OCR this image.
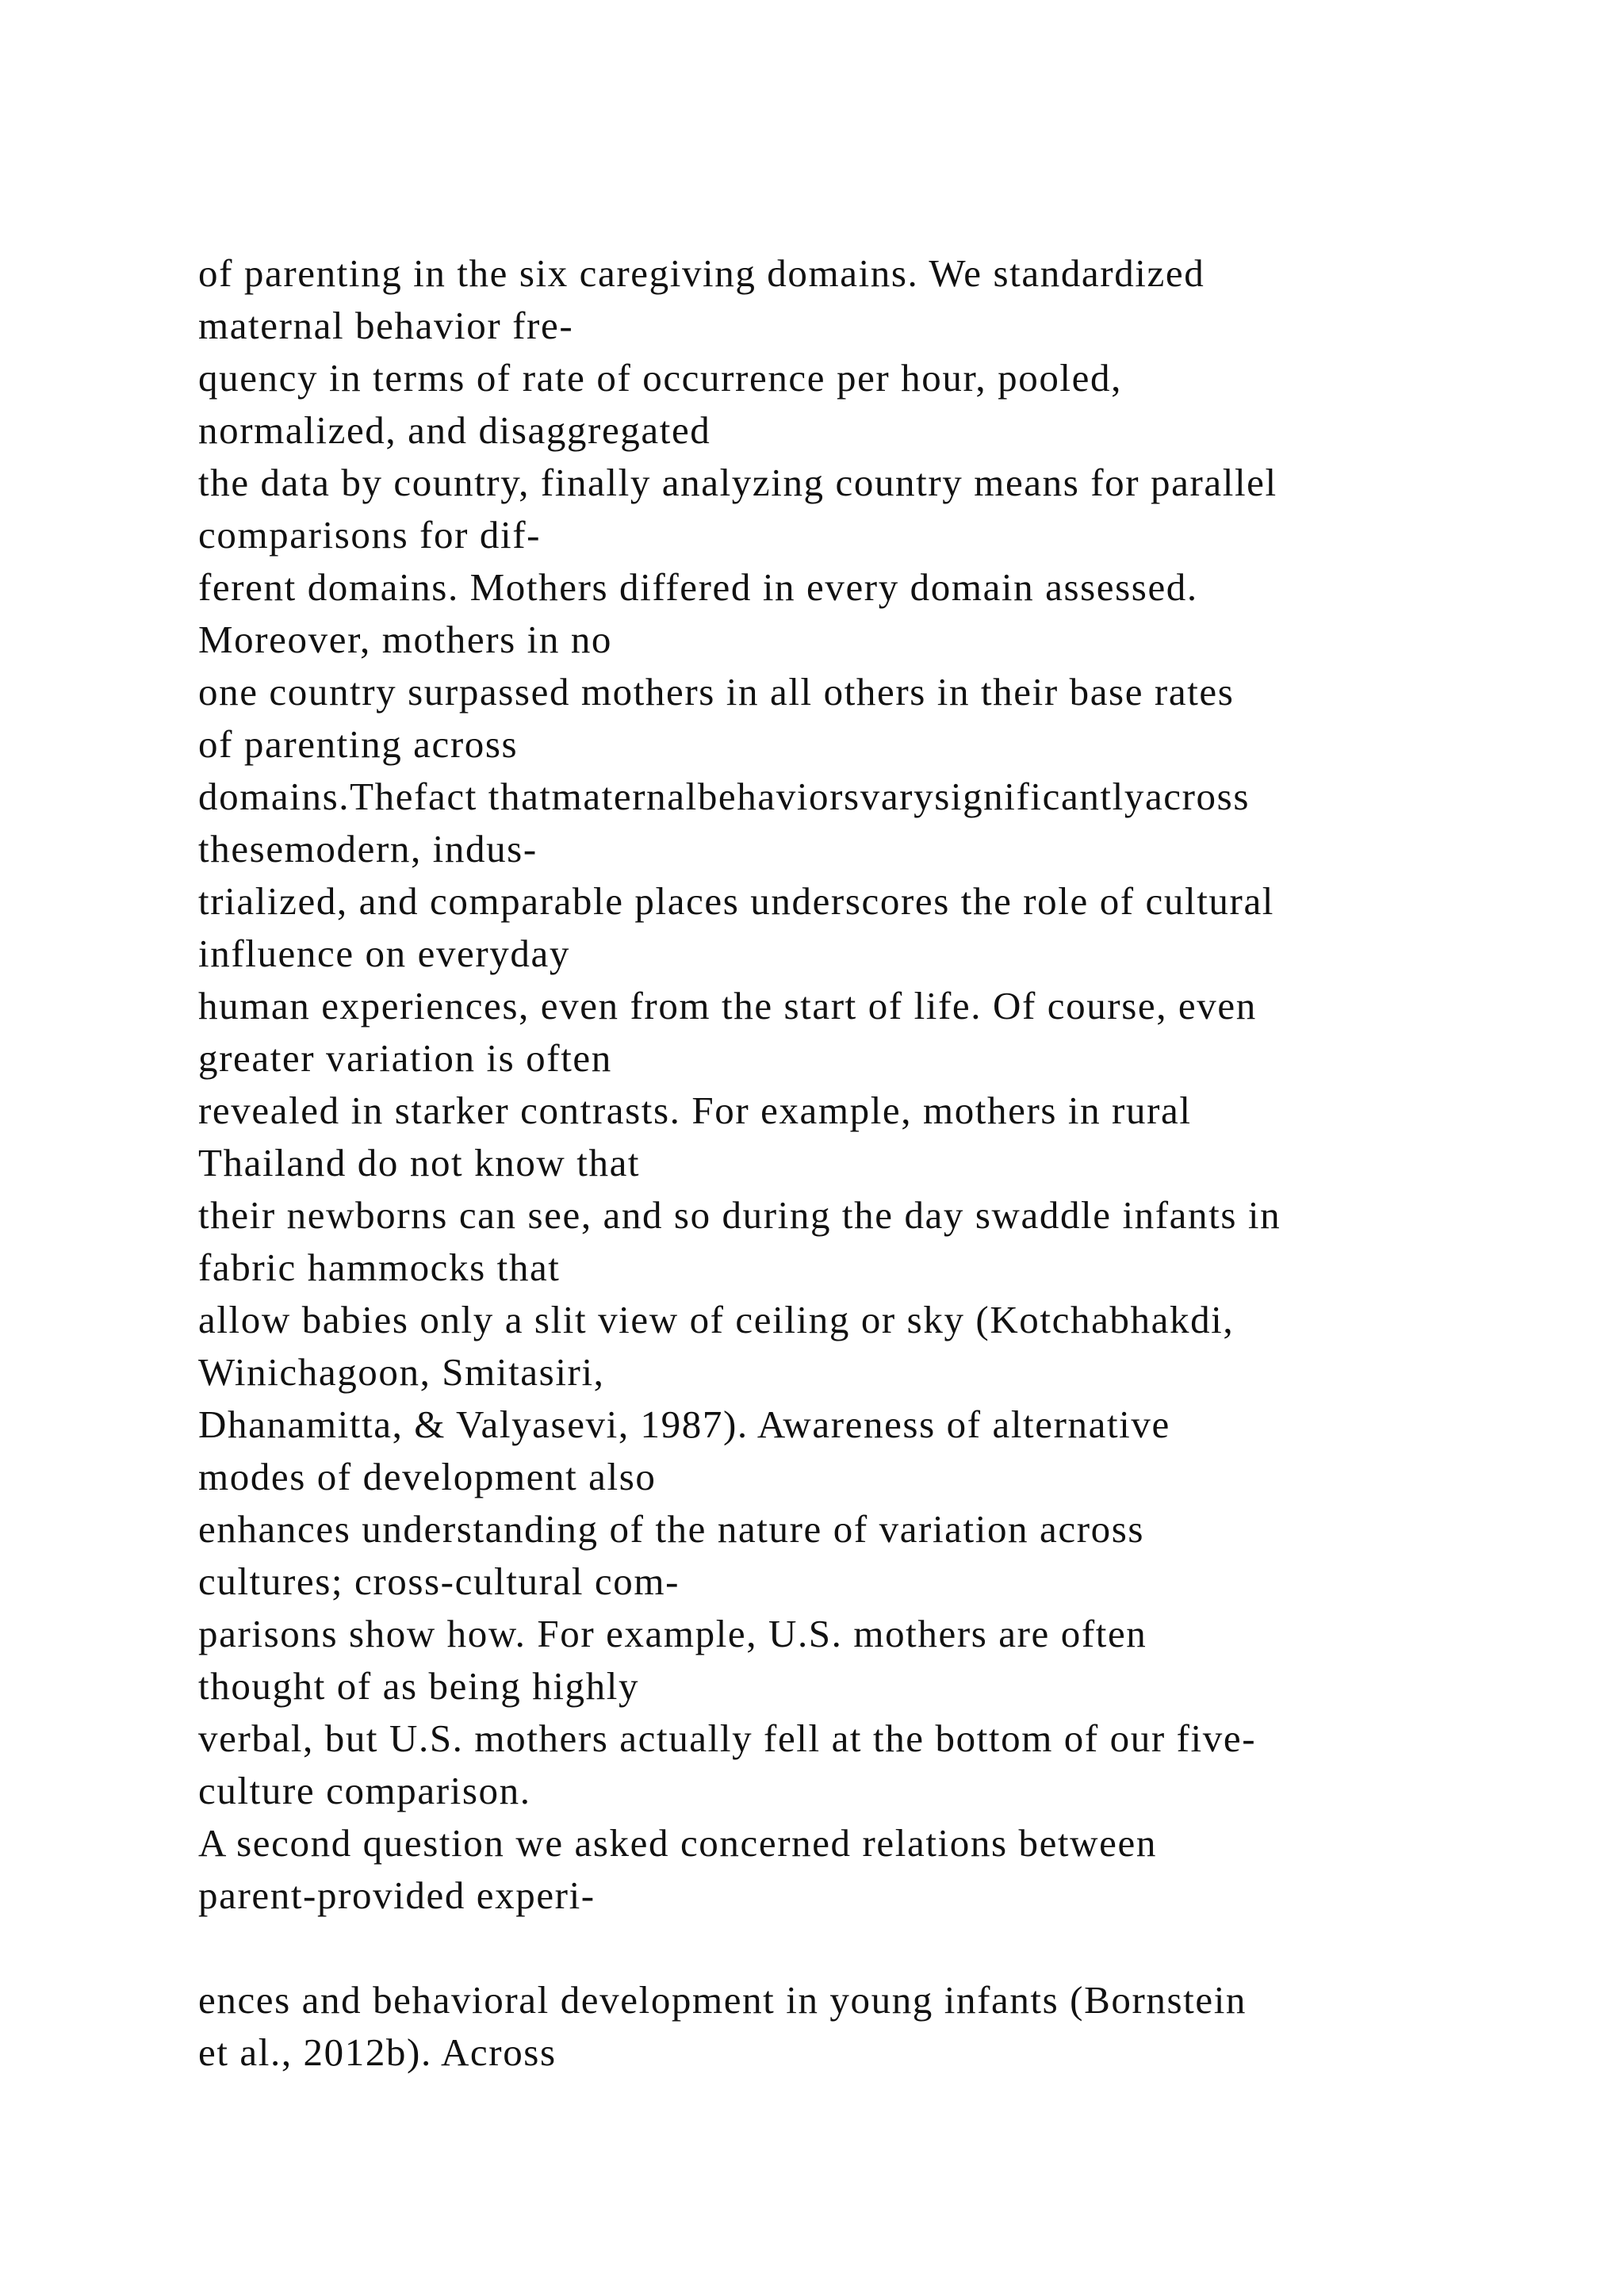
of parenting in the six caregiving domains. We standardized
maternal behavior fre-
quency in terms of rate of occurrence per hour, pooled,
normalized, and disaggregated
the data by country, finally analyzing country means for parallel
comparisons for dif-
ferent domains. Mothers differed in every domain assessed.
Moreover, mothers in no
one country surpassed mothers in all others in their base rates
of parenting across
domains.Thefact thatmaternalbehaviorsvarysignificantlyacross
thesemodern, indus-
trialized, and comparable places underscores the role of cultural
influence on everyday
human experiences, even from the start of life. Of course, even
greater variation is often
revealed in starker contrasts. For example, mothers in rural
Thailand do not know that
their newborns can see, and so during the day swaddle infants in
fabric hammocks that
allow babies only a slit view of ceiling or sky (Kotchabhakdi,
Winichagoon, Smitasiri,
Dhanamitta, & Valyasevi, 1987). Awareness of alternative
modes of development also
enhances understanding of the nature of variation across
cultures; cross-cultural com-
parisons show how. For example, U.S. mothers are often
thought of as being highly
verbal, but U.S. mothers actually fell at the bottom of our five-
culture comparison.
A second question we asked concerned relations between
parent-provided experi-
ences and behavioral development in young infants (Bornstein
et al., 2012b). Across
